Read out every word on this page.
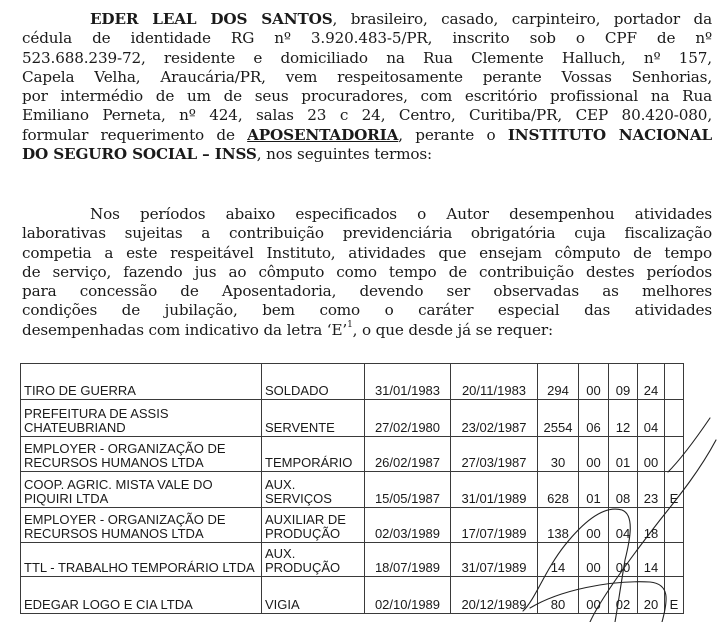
EDER LEAL DOS SANTOS, brasileiro, casado, carpinteiro, portador da
cédula de identidade RG nº 3.920.483-5/PR, inscrito sob o CPF de nº
523.688.239-72, residente e domiciliado na Rua Clemente Halluch, nº 157,
Capela Velha, Araucária/PR, vem respeitosamente perante Vossas Senhorias,
por intermédio de um de seus procuradores, com escritório profissional na Rua
Emiliano Perneta, nº 424, salas 23 c 24, Centro, Curitiba/PR, CEP 80.420-080,
formular requerimento de APOSENTADORIA, perante o INSTITUTO NACIONAL
DO SEGURO SOCIAL – INSS, nos seguintes termos:
Nos períodos abaixo especificados o Autor desempenhou atividades
laborativas sujeitas a contribuição previdenciária obrigatória cuja fiscalização
competia a este respeitável Instituto, atividades que ensejam cômputo de tempo
de serviço, fazendo jus ao cômputo como tempo de contribuição destes períodos
para concessão de Aposentadoria, devendo ser observadas as melhores
condições de jubilação, bem como o caráter especial das atividades
desempenhadas com indicativo da letra ‘E’$^1$, o que desde já se requer:
TIRO DE GUERRA	SOLDADO	31/01/1983	20/11/1983	294	00	09	24	
PREFEITURA DE ASSIS CHATEUBRIAND	SERVENTE	27/02/1980	23/02/1987	2554	06	12	04	
EMPLOYER - ORGANIZAÇÃO DE RECURSOS HUMANOS LTDA	TEMPORÁRIO	26/02/1987	27/03/1987	30	00	01	00	
COOP. AGRIC. MISTA VALE DO PIQUIRI LTDA	AUX. SERVIÇOS	15/05/1987	31/01/1989	628	01	08	23	E
EMPLOYER - ORGANIZAÇÃO DE RECURSOS HUMANOS LTDA	AUXILIAR DE PRODUÇÃO	02/03/1989	17/07/1989	138	00	04	18	
TTL - TRABALHO TEMPORÁRIO LTDA	AUX. PRODUÇÃO	18/07/1989	31/07/1989	14	00	00	14	
EDEGAR LOGO E CIA LTDA	VIGIA	02/10/1989	20/12/1989	80	00	02	20	E
